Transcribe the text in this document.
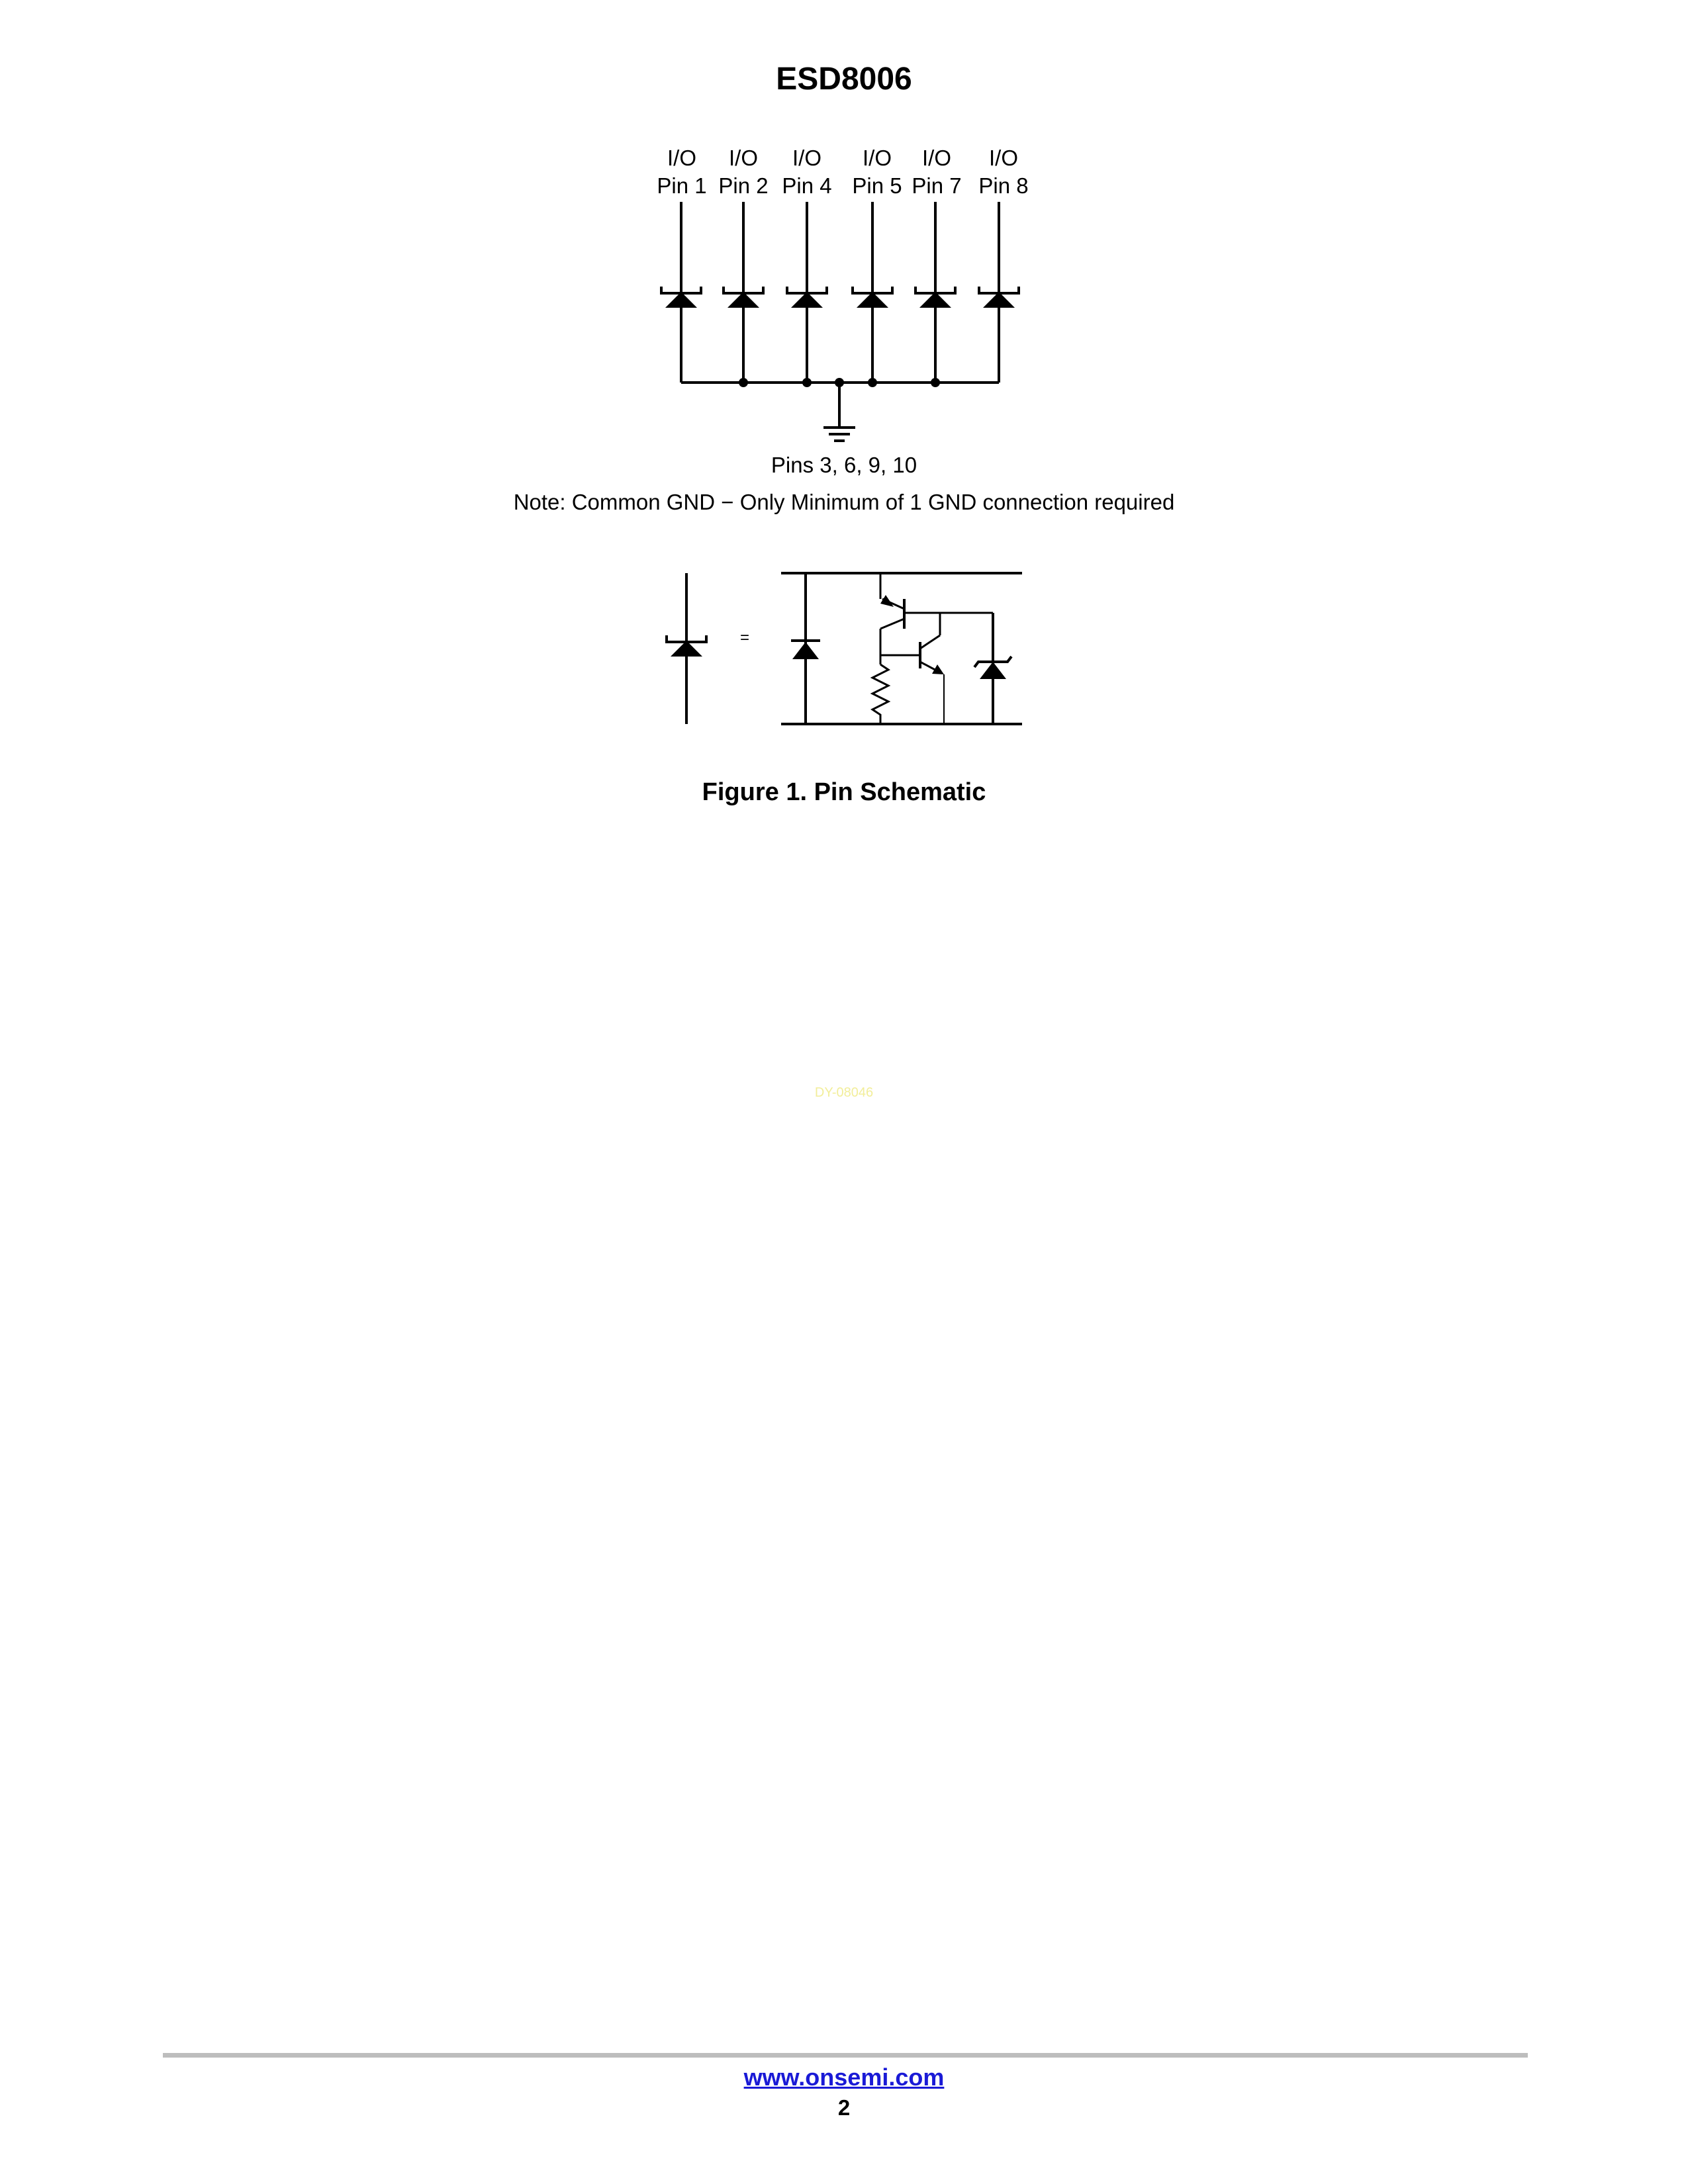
ESD8006
I/O
Pin 1
I/O
Pin 2
I/O
Pin 4
I/O
Pin 5
I/O
Pin 7
I/O
Pin 8
Pins 3, 6, 9, 10
Note: Common GND − Only Minimum of 1 GND connection required
=
Figure 1. Pin Schematic
DY-08046
www.onsemi.com
2
